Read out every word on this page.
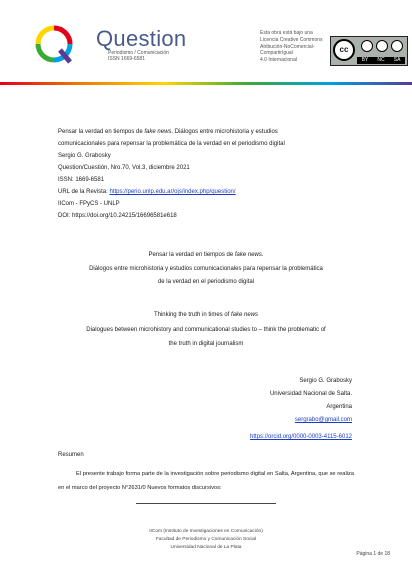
Question
Periodismo / Comunicación
ISSN 1669-6581
Esta obra está bajo una
Licencia Creative Commons
Atribución-NoComercial-CompartirIgual
4.0 Internacional
cc
BY NC SA
Pensar la verdad en tiempos de fake news. Diálogos entre microhistoria y estudios
comunicacionales para repensar la problemática de la verdad en el periodismo digital
Sergio G. Grabosky
Question/Cuestión, Nro.70, Vol.3, diciembre 2021
ISSN: 1669-6581
URL de la Revista: https://perio.unlp.edu.ar/ojs/index.php/question/
IICom - FPyCS - UNLP
DOI: https://doi.org/10.24215/16696581e618
Pensar la verdad en tiempos de fake news.
Diálogos entre microhistoria y estudios comunicacionales para repensar la problemática
de la verdad en el periodismo digital
Thinking the truth in times of fake news
Dialogues between microhistory and communicational studies to – think the problematic of
the truth in digital journalism
Sergio G. Grabosky
Universidad Nacional de Salta.
Argentina
sergrabo@gmail.com
https://orcid.org/0000-0003-4115-6012
Resumen
El presente trabajo forma parte de la investigación sobre periodismo digital en Salta, Argentina, que se realiza en el marco del proyecto N°2631/0 Nuevos formatos discursivos:
IICom (Instituto de Investigaciones en Comunicación)
Facultad de Periodismo y Comunicación Social
Universidad Nacional de La Plata
Página 1 de 18
